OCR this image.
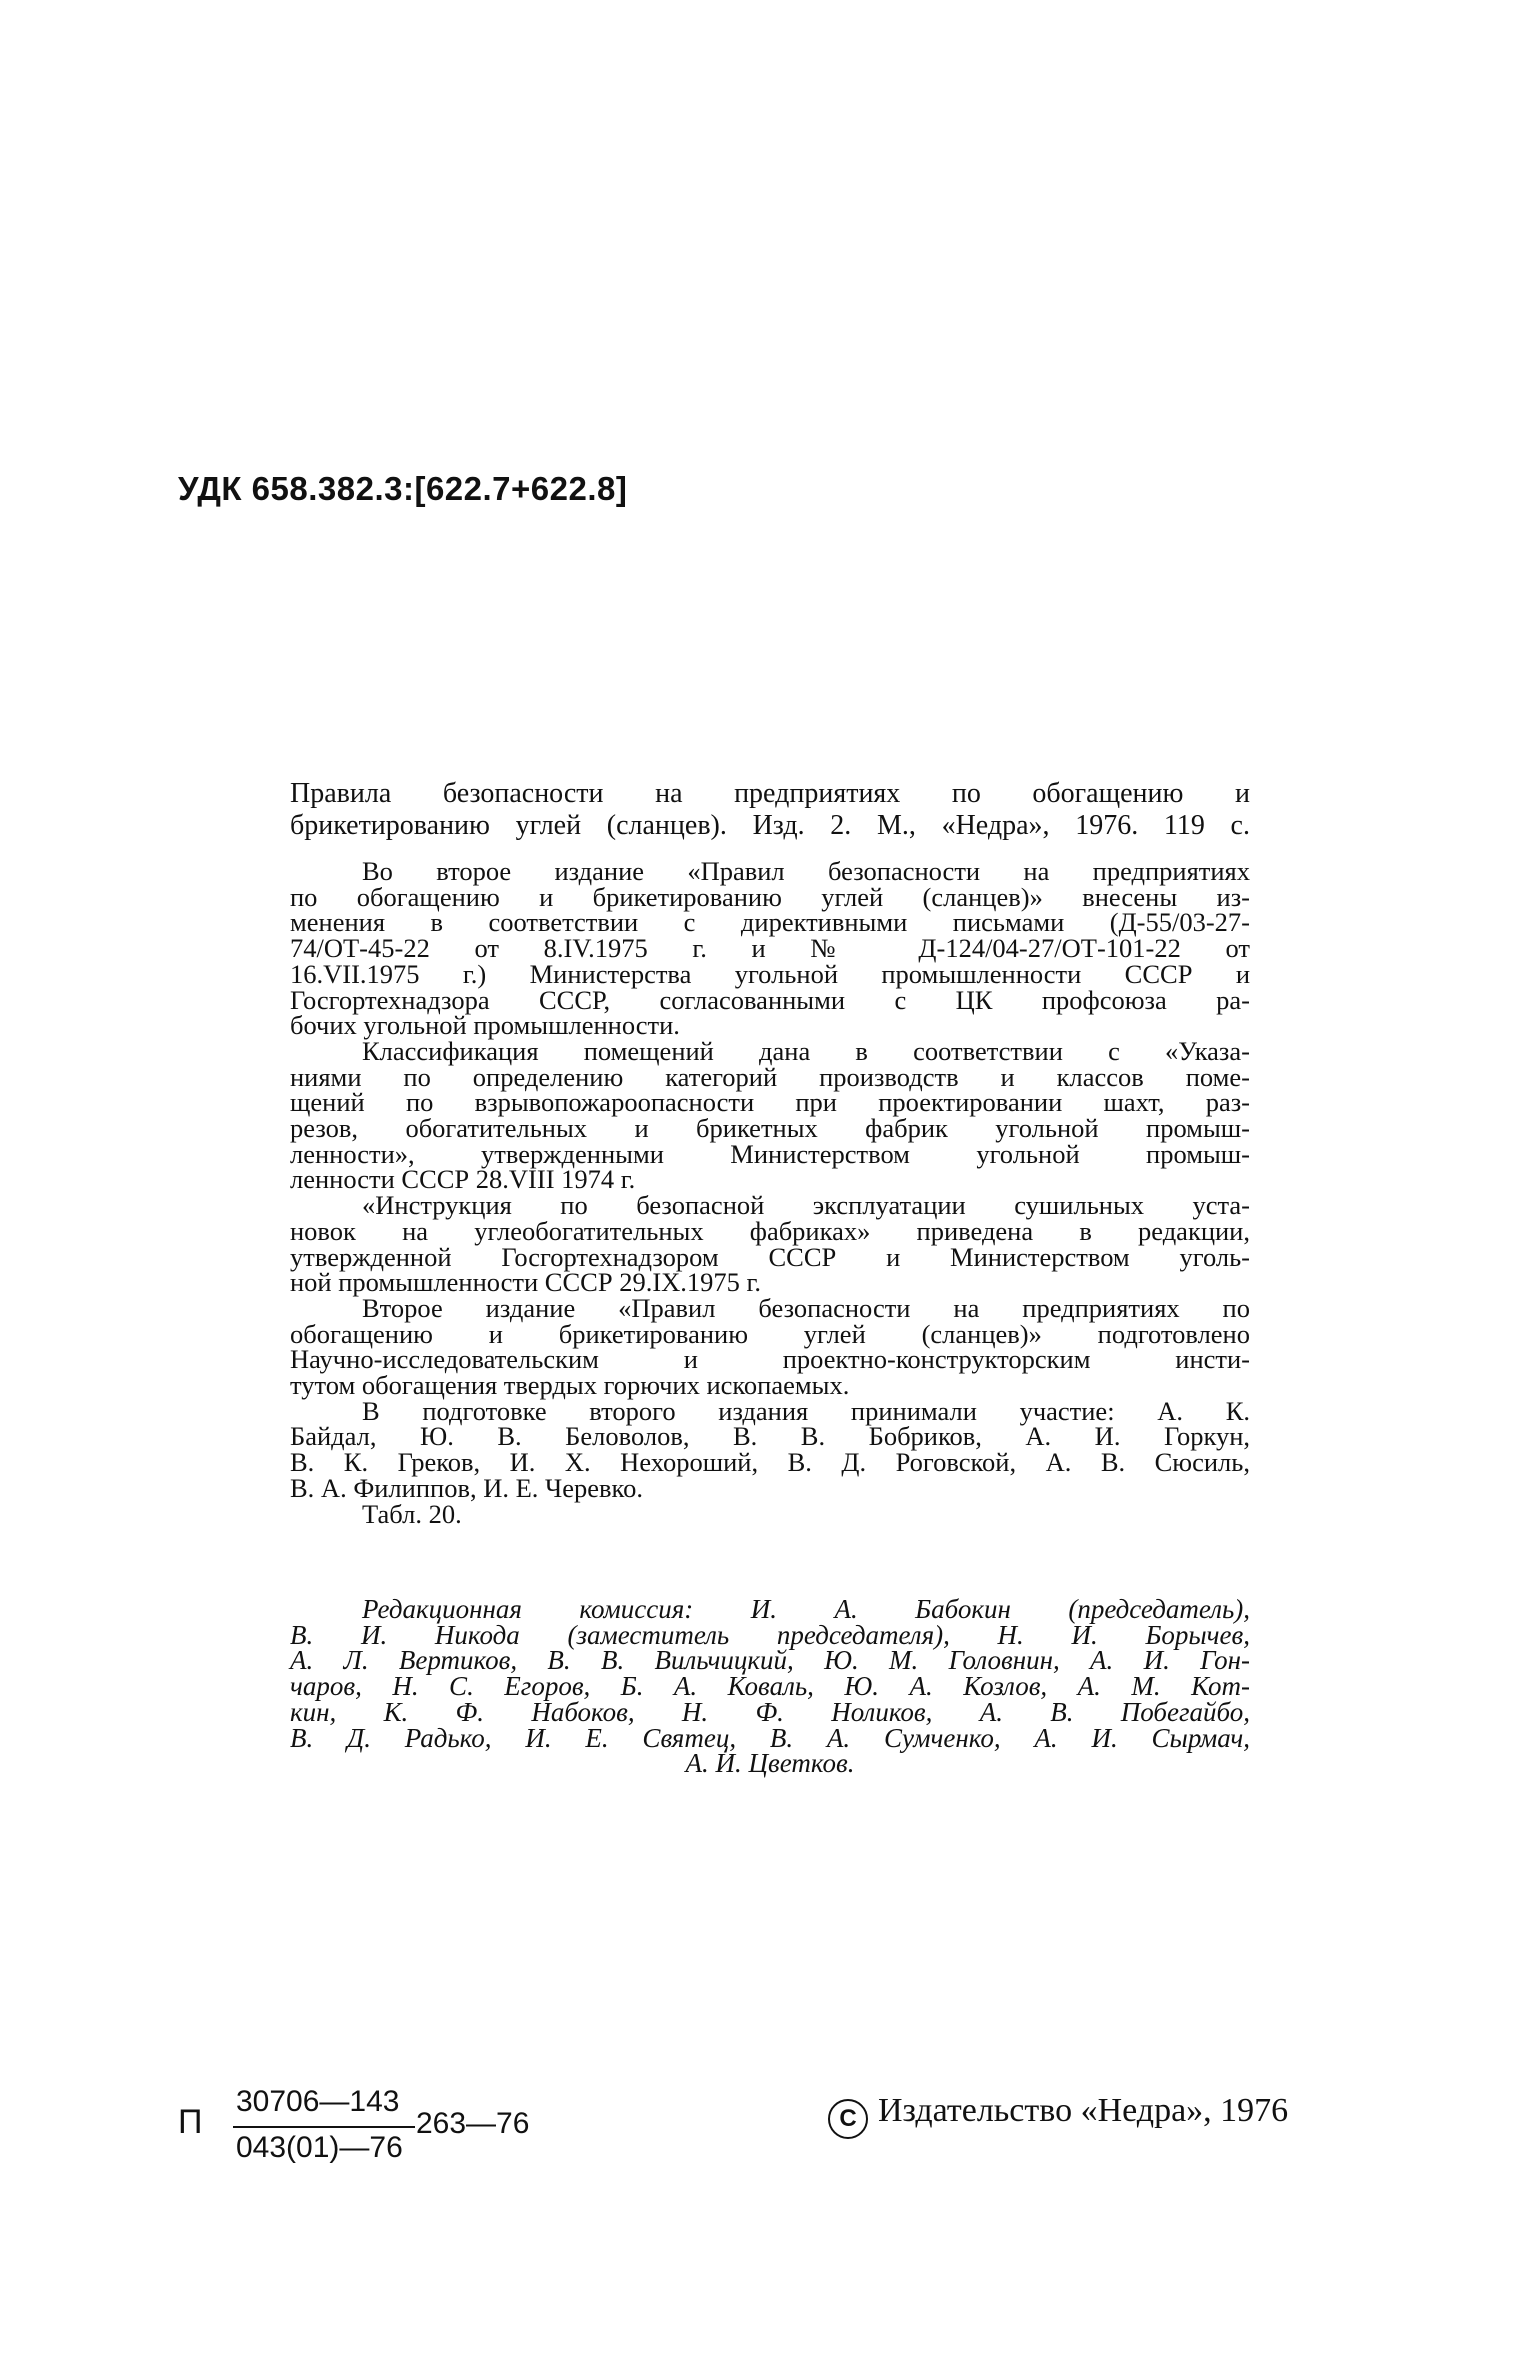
УДК 658.382.3:[622.7+622.8]
Правила безопасности на предприятиях по обогащению и
брикетированию углей (сланцев). Изд. 2. М., «Недра», 1976. 119 с.
Во второе издание «Правил безопасности на предприятиях
по обогащению и брикетированию углей (сланцев)» внесены из-
менения в соответствии с директивными письмами (Д-55/03-27-
74/ОТ-45-22 от 8.IV.1975 г. и № Д-124/04-27/ОТ-101-22 от
16.VII.1975 г.) Министерства угольной промышленности СССР и
Госгортехнадзора СССР, согласованными с ЦК профсоюза ра-
бочих угольной промышленности.
Классификация помещений дана в соответствии с «Указа-
ниями по определению категорий производств и классов поме-
щений по взрывопожароопасности при проектировании шахт, раз-
резов, обогатительных и брикетных фабрик угольной промыш-
ленности», утвержденными Министерством угольной промыш-
ленности СССР 28.VIII 1974 г.
«Инструкция по безопасной эксплуатации сушильных уста-
новок на углеобогатительных фабриках» приведена в редакции,
утвержденной Госгортехнадзором СССР и Министерством уголь-
ной промышленности СССР 29.IX.1975 г.
Второе издание «Правил безопасности на предприятиях по
обогащению и брикетированию углей (сланцев)» подготовлено
Научно-исследовательским и проектно-конструкторским инсти-
тутом обогащения твердых горючих ископаемых.
В подготовке второго издания принимали участие: А. К.
Байдал, Ю. В. Беловолов, В. В. Бобриков, А. И. Горкун,
В. К. Греков, И. Х. Нехороший, В. Д. Роговской, А. В. Сюсиль,
В. А. Филиппов, И. Е. Черевко.
Табл. 20.
Редакционная комиссия: И. А. Бабокин (председатель),
В. И. Никода (заместитель председателя), Н. И. Борычев,
А. Л. Вертиков, В. В. Вильчицкий, Ю. М. Головнин, А. И. Гон-
чаров, Н. С. Егоров, Б. А. Коваль, Ю. А. Козлов, А. М. Кот-
кин, К. Ф. Набоков, Н. Ф. Ноликов, А. В. Побегайбо,
В. Д. Радько, И. Е. Святец, В. А. Сумченко, А. И. Сырмач,
А. И. Цветков.
П
30706—143
043(01)—76
263—76	C Издательство «Недра», 1976
